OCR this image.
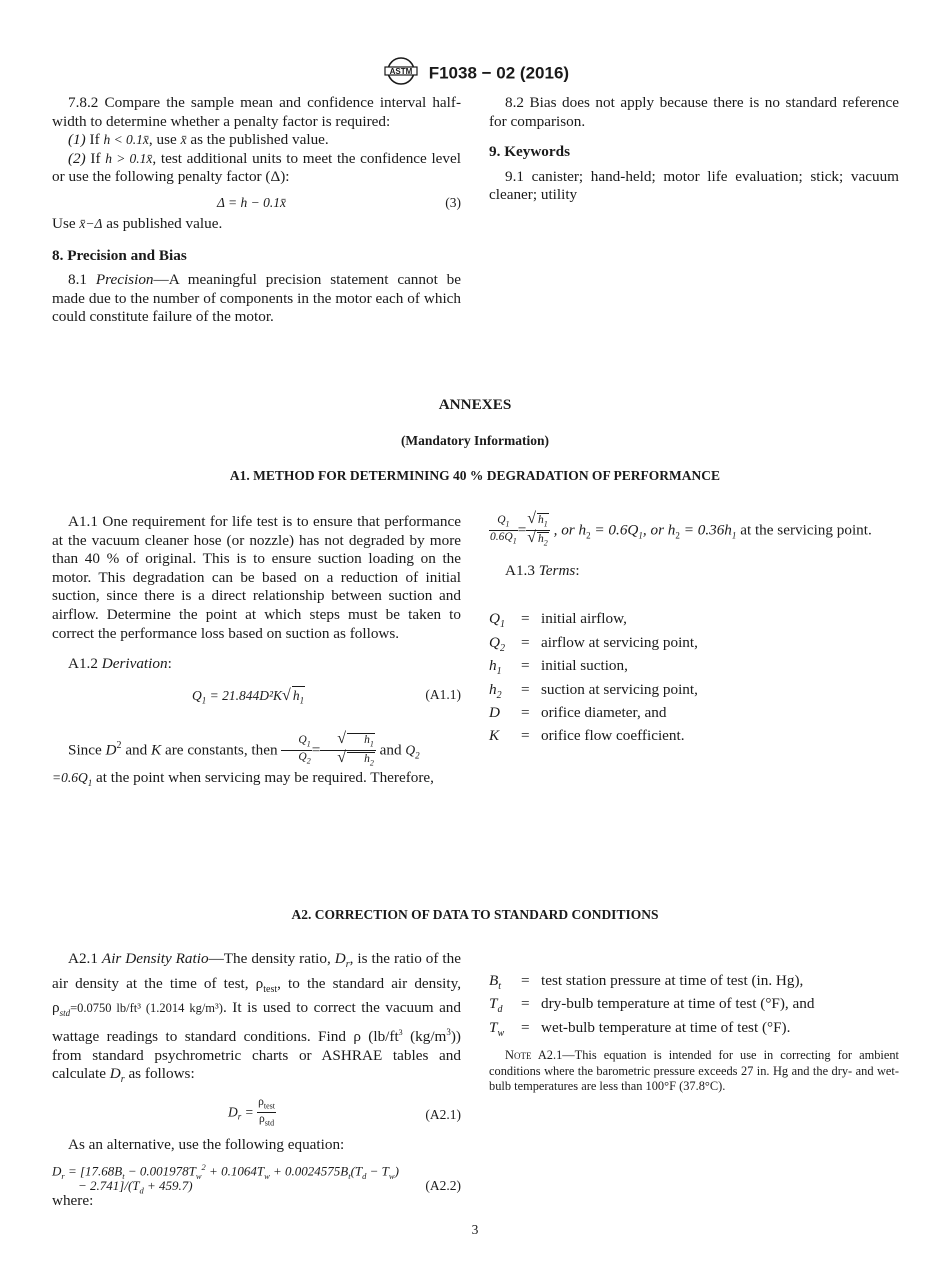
ASTM F1038 − 02 (2016)

7.8.2 Compare the sample mean and confidence interval half-width to determine whether a penalty factor is required:

(1) If h < 0.1x̄, use x̄ as the published value.

(2) If h > 0.1x̄, test additional units to meet the confidence level or use the following penalty factor (Δ):

Δ = h − 0.1x̄	(3)

Use x̄−Δ as published value.

8. Precision and Bias

8.1 Precision—A meaningful precision statement cannot be made due to the number of components in the motor each of which could constitute failure of the motor.

8.2 Bias does not apply because there is no standard reference for comparison.

9. Keywords

9.1 canister; hand-held; motor life evaluation; stick; vacuum cleaner; utility

ANNEXES
(Mandatory Information)
A1. METHOD FOR DETERMINING 40 % DEGRADATION OF PERFORMANCE

A1.1 One requirement for life test is to ensure that performance at the vacuum cleaner hose (or nozzle) has not degraded by more than 40 % of original. This is to ensure suction loading on the motor. This degradation can be based on a reduction of initial suction, since there is a direct relationship between suction and airflow. Determine the point at which steps must be taken to correct the performance loss based on suction as follows.

A1.2 Derivation:

$Q_1 = 21.844D^2K√$ $h_1$	(A1.1)

Since $D^2$ and K are constants, then $\frac{Q_1}{Q_2} = \frac{√ h_1}{√ h_2}$ and $Q_2$

$=0.6Q_1$ at the point when servicing may be required. Therefore,

$\frac{Q_1}{0.6Q_1} = \frac{√ h_1}{√ h_2}$ , or $h_2 = 0.6Q_1$, or $h_2 = 0.36h_1$ at the servicing point.

A1.3 Terms:

$Q_1$	=	initial airflow,
$Q_2$	=	airflow at servicing point,
$h_1$	=	initial suction,
$h_2$	=	suction at servicing point,
D	=	orifice diameter, and
K	=	orifice flow coefficient.
A2. CORRECTION OF DATA TO STANDARD CONDITIONS

A2.1 Air Density Ratio—The density ratio, $D_r$, is the ratio of the air density at the time of test, $\rho_{test}$, to the standard air density, $\rho_{std}=0.0750$ lb/ft³ (1.2014 kg/m³). It is used to correct the vacuum and wattage readings to standard conditions. Find ρ ($lb/ft^3$ $(kg/m^3)$) from standard psychrometric charts or ASHRAE tables and calculate $D_r$ as follows:

$D_r = \frac{\rho_{test}}{\rho_{std}}$	(A2.1)

As an alternative, use the following equation:

$D_r = [17.68B_t - 0.001978T_w^2 + 0.1064T_w + 0.0024575B_t(T_d - T_w)$
− $2.741]/(T_d + 459.7)$	(A2.2)

where:

$B_t$	=	test station pressure at time of test (in. Hg),
$T_d$	=	dry-bulb temperature at time of test (°F), and
$T_w$	=	wet-bulb temperature at time of test (°F).

Note A2.1—This equation is intended for use in correcting for ambient conditions where the barometric pressure exceeds 27 in. Hg and the dry- and wet-bulb temperatures are less than 100°F (37.8°C).

3
